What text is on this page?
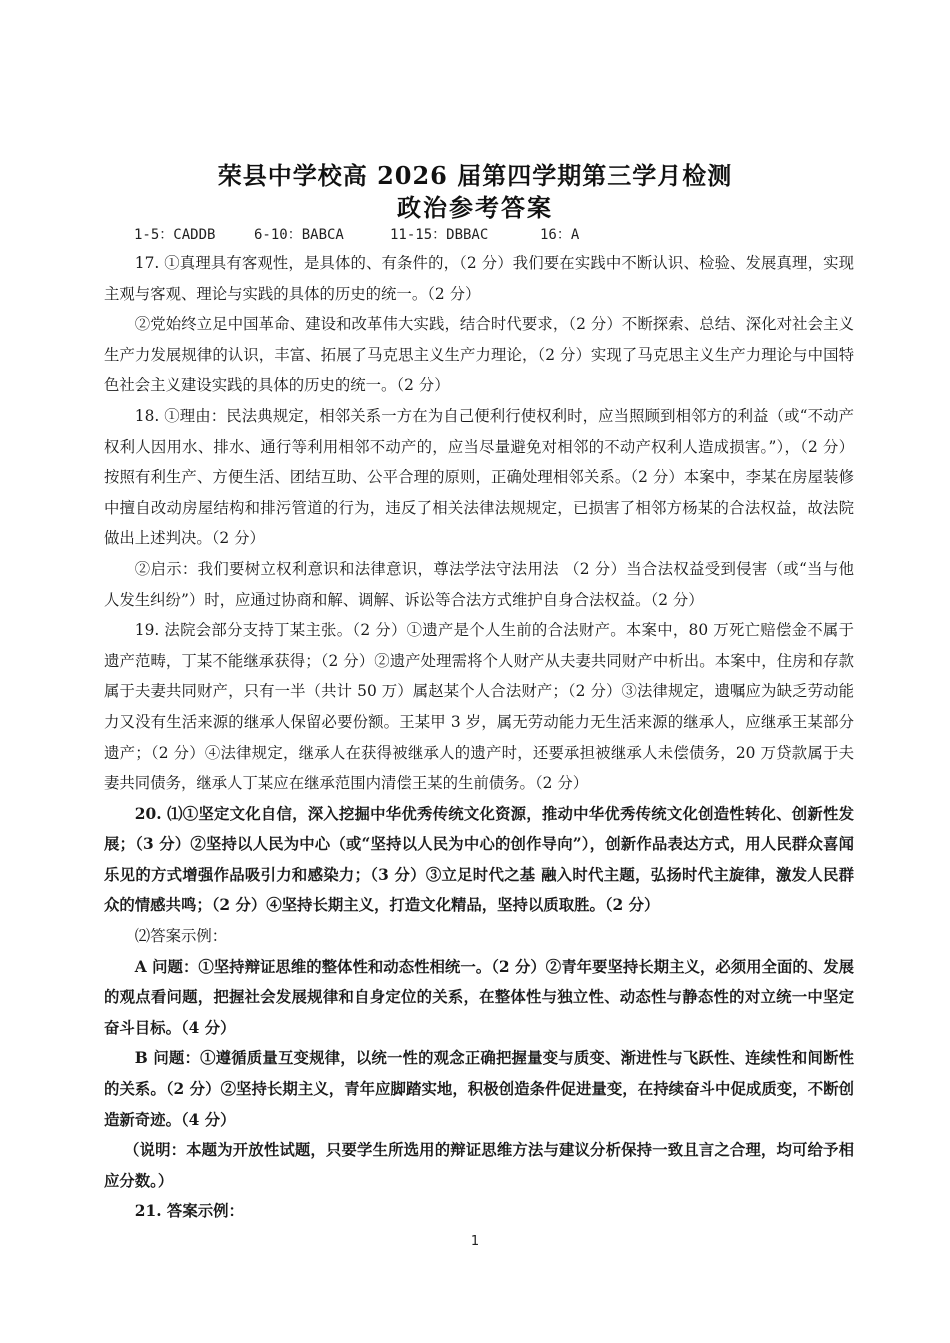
荣县中学校高 2026 届第四学期第三学月检测
政治参考答案
1-5：CADDB	6-10：BABCA	11-15：DBBAC	16：A

17. ①真理具有客观性，是具体的、有条件的，（2 分）我们要在实践中不断认识、检验、发展真理，实现主观与客观、理论与实践的具体的历史的统一。（2 分）

②党始终立足中国革命、建设和改革伟大实践，结合时代要求，（2 分）不断探索、总结、深化对社会主义生产力发展规律的认识，丰富、拓展了马克思主义生产力理论，（2 分）实现了马克思主义生产力理论与中国特色社会主义建设实践的具体的历史的统一。（2 分）

18. ①理由：民法典规定，相邻关系一方在为自己便利行使权利时，应当照顾到相邻方的利益（或“不动产权利人因用水、排水、通行等利用相邻不动产的，应当尽量避免对相邻的不动产权利人造成损害。”），（2 分）按照有利生产、方便生活、团结互助、公平合理的原则，正确处理相邻关系。（2 分）本案中，李某在房屋装修中擅自改动房屋结构和排污管道的行为，违反了相关法律法规规定，已损害了相邻方杨某的合法权益，故法院做出上述判决。（2 分）

②启示：我们要树立权利意识和法律意识，尊法学法守法用法 （2 分）当合法权益受到侵害（或“当与他人发生纠纷”）时，应通过协商和解、调解、诉讼等合法方式维护自身合法权益。（2 分）

19. 法院会部分支持丁某主张。（2 分）①遗产是个人生前的合法财产。本案中，80 万死亡赔偿金不属于遗产范畴，丁某不能继承获得；（2 分）②遗产处理需将个人财产从夫妻共同财产中析出。本案中，住房和存款属于夫妻共同财产，只有一半（共计 50 万）属赵某个人合法财产；（2 分）③法律规定，遗嘱应为缺乏劳动能力又没有生活来源的继承人保留必要份额。王某甲 3 岁，属无劳动能力无生活来源的继承人，应继承王某部分遗产；（2 分）④法律规定，继承人在获得被继承人的遗产时，还要承担被继承人未偿债务，20 万贷款属于夫妻共同债务，继承人丁某应在继承范围内清偿王某的生前债务。（2 分）

20. ⑴①坚定文化自信，深入挖掘中华优秀传统文化资源，推动中华优秀传统文化创造性转化、创新性发展；（3 分）②坚持以人民为中心（或“坚持以人民为中心的创作导向”），创新作品表达方式，用人民群众喜闻乐见的方式增强作品吸引力和感染力；（3 分）③立足时代之基 融入时代主题，弘扬时代主旋律，激发人民群众的情感共鸣；（2 分）④坚持长期主义，打造文化精品，坚持以质取胜。（2 分）

⑵答案示例：

A 问题：①坚持辩证思维的整体性和动态性相统一。（2 分）②青年要坚持长期主义，必须用全面的、发展的观点看问题，把握社会发展规律和自身定位的关系，在整体性与独立性、动态性与静态性的对立统一中坚定奋斗目标。（4 分）

B 问题：①遵循质量互变规律，以统一性的观念正确把握量变与质变、渐进性与飞跃性、连续性和间断性的关系。（2 分）②坚持长期主义，青年应脚踏实地，积极创造条件促进量变，在持续奋斗中促成质变，不断创造新奇迹。（4 分）

（说明：本题为开放性试题，只要学生所选用的辩证思维方法与建议分析保持一致且言之合理，均可给予相应分数。）

21. 答案示例：

1
